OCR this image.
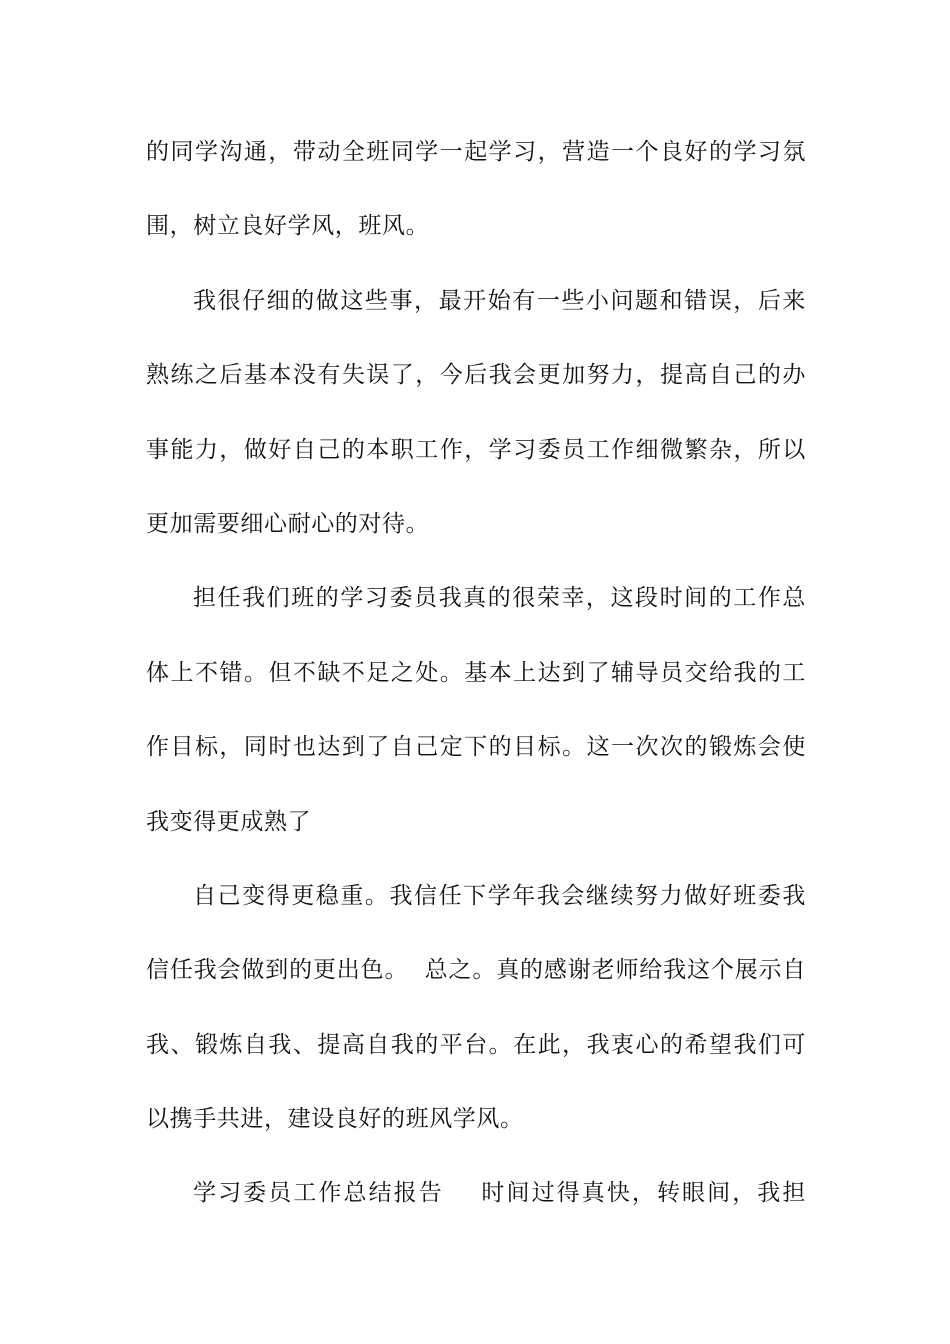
的同学沟通，带动全班同学一起学习，营造一个良好的学习氛
围，树立良好学风，班风。
我很仔细的做这些事，最开始有一些小问题和错误，后来
熟练之后基本没有失误了，今后我会更加努力，提高自己的办
事能力，做好自己的本职工作，学习委员工作细微繁杂，所以
更加需要细心耐心的对待。
担任我们班的学习委员我真的很荣幸，这段时间的工作总
体上不错。但不缺不足之处。基本上达到了辅导员交给我的工
作目标，同时也达到了自己定下的目标。这一次次的锻炼会使
我变得更成熟了
自己变得更稳重。我信任下学年我会继续努力做好班委我
信任我会做到的更出色。  总之。真的感谢老师给我这个展示自
我、锻炼自我、提高自我的平台。在此，我衷心的希望我们可
以携手共进，建设良好的班风学风。
学习委员工作总结报告    时间过得真快，转眼间，我担
